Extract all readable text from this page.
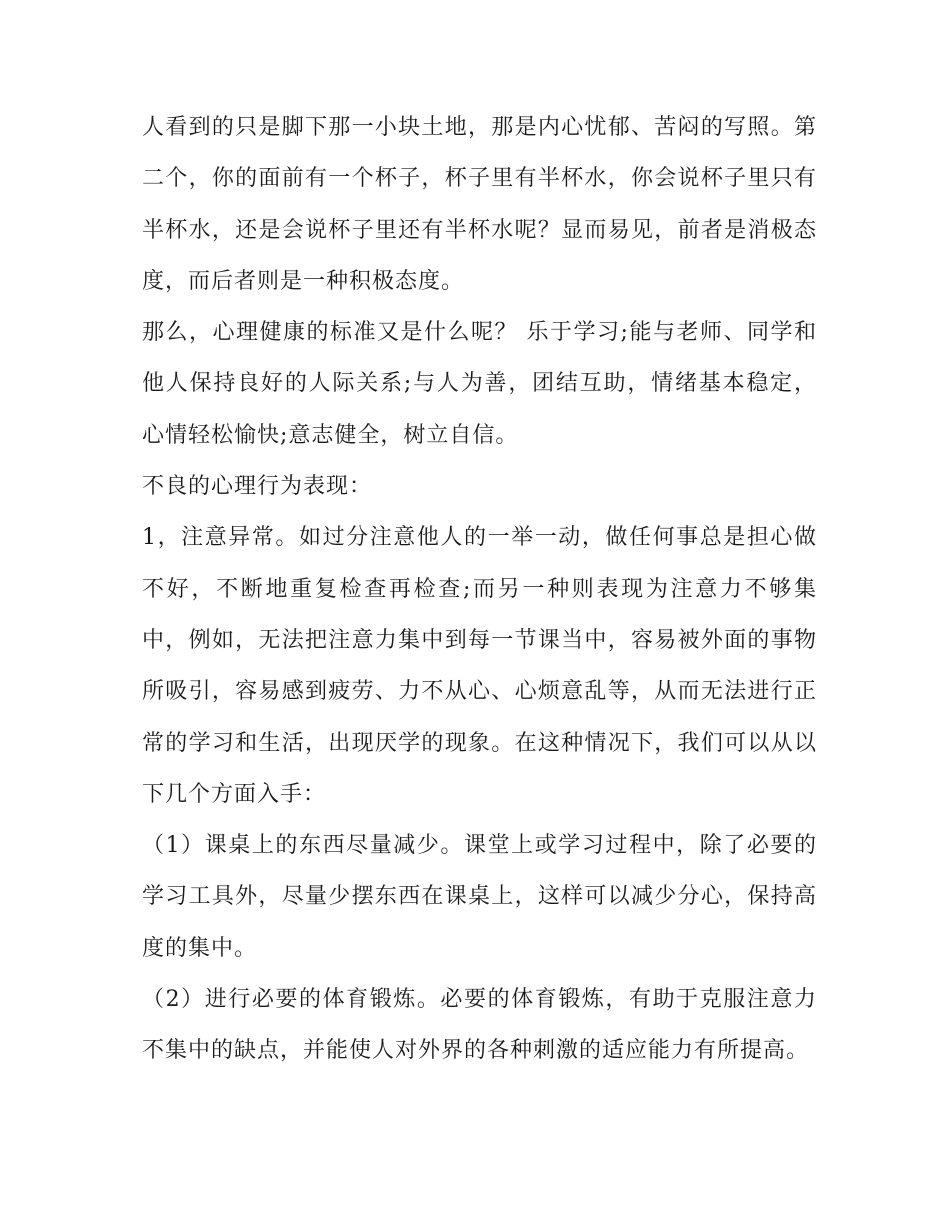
人看到的只是脚下那一小块土地，那是内心忧郁、苦闷的写照。第二个，你的面前有一个杯子，杯子里有半杯水，你会说杯子里只有半杯水，还是会说杯子里还有半杯水呢？显而易见，前者是消极态度，而后者则是一种积极态度。

那么，心理健康的标准又是什么呢？ 乐于学习;能与老师、同学和他人保持良好的人际关系;与人为善，团结互助，情绪基本稳定，心情轻松愉快;意志健全，树立自信。

不良的心理行为表现：

1，注意异常。如过分注意他人的一举一动，做任何事总是担心做不好，不断地重复检查再检查;而另一种则表现为注意力不够集中，例如，无法把注意力集中到每一节课当中，容易被外面的事物所吸引，容易感到疲劳、力不从心、心烦意乱等，从而无法进行正常的学习和生活，出现厌学的现象。在这种情况下，我们可以从以下几个方面入手：

（1）课桌上的东西尽量减少。课堂上或学习过程中，除了必要的学习工具外，尽量少摆东西在课桌上，这样可以减少分心，保持高度的集中。

（2）进行必要的体育锻炼。必要的体育锻炼，有助于克服注意力不集中的缺点，并能使人对外界的各种刺激的适应能力有所提高。
